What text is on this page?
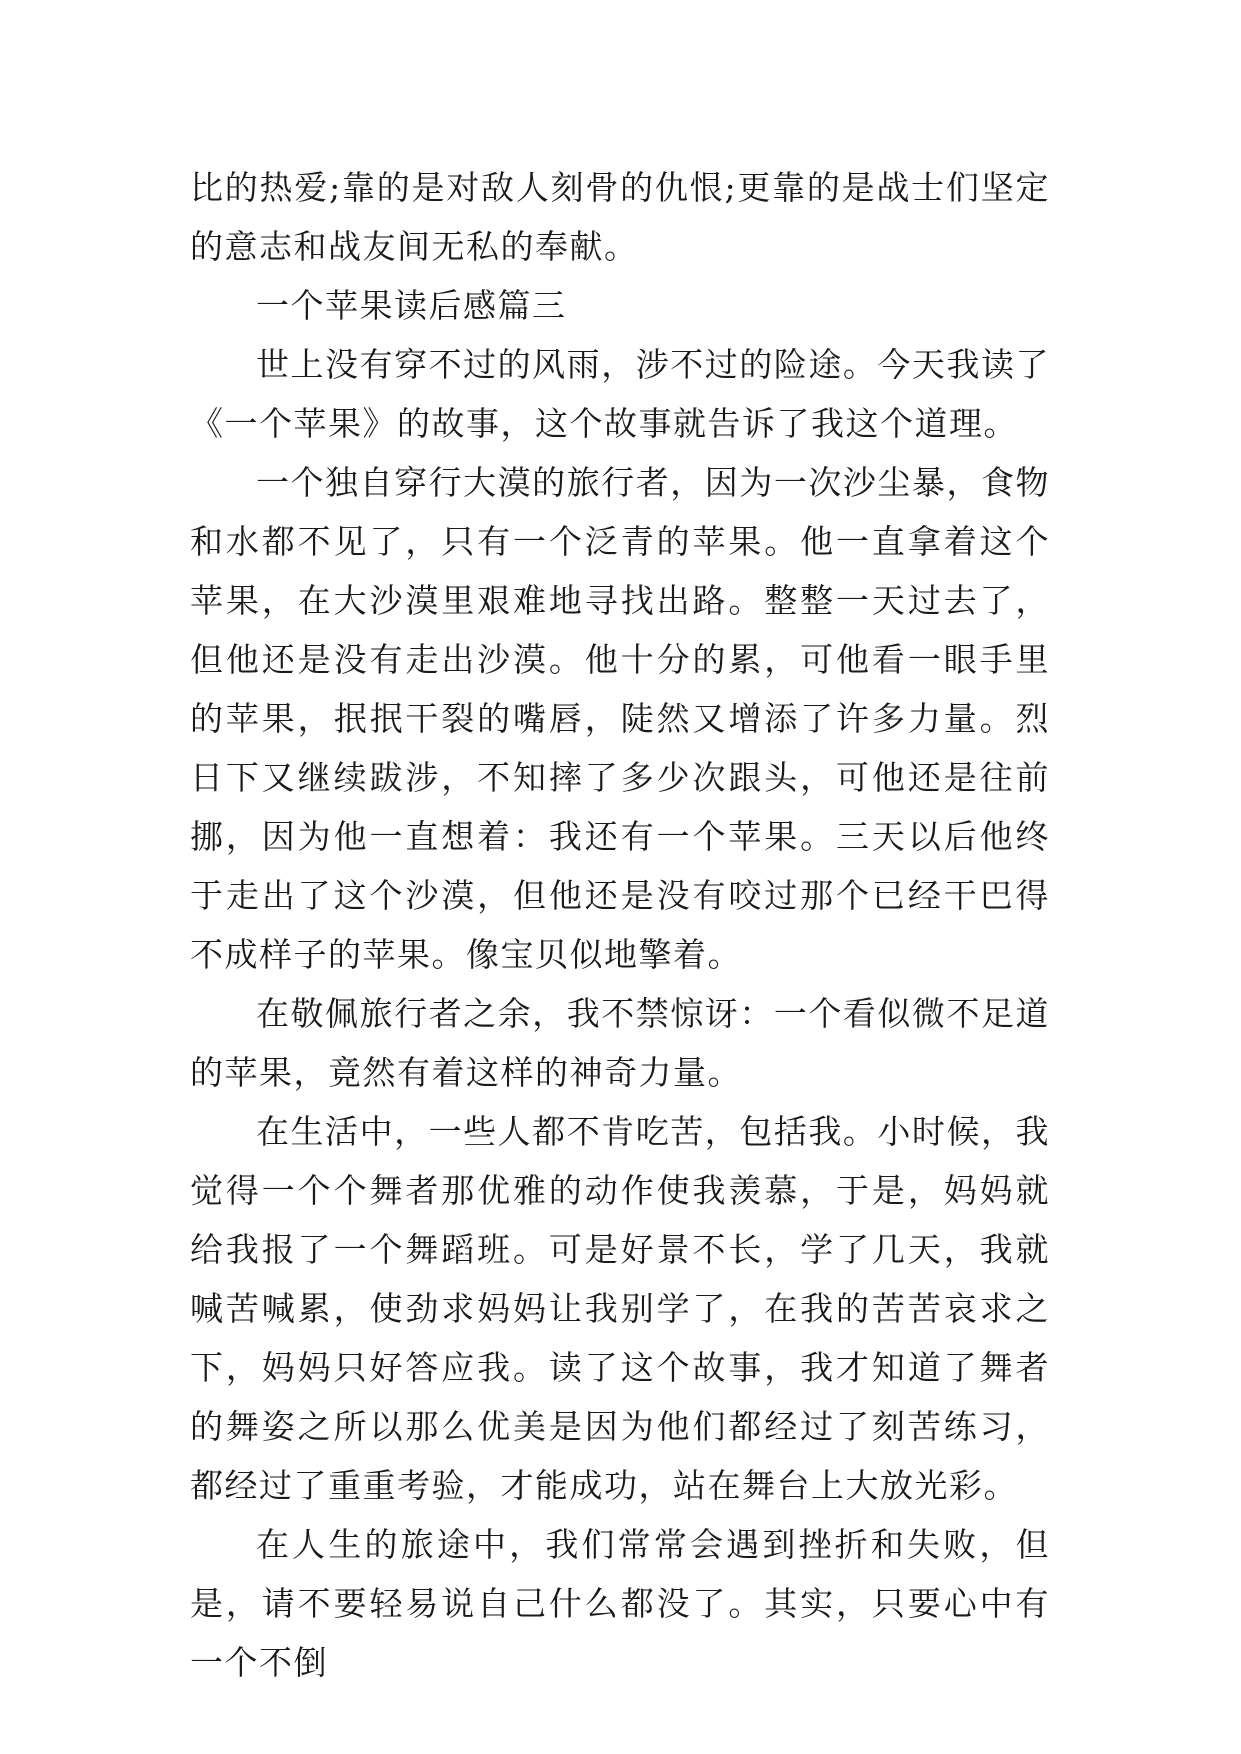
比的热爱;靠的是对敌人刻骨的仇恨;更靠的是战士们坚定的意志和战友间无私的奉献。

一个苹果读后感篇三

世上没有穿不过的风雨，涉不过的险途。今天我读了《一个苹果》的故事，这个故事就告诉了我这个道理。

一个独自穿行大漠的旅行者，因为一次沙尘暴，食物和水都不见了，只有一个泛青的苹果。他一直拿着这个苹果，在大沙漠里艰难地寻找出路。整整一天过去了，但他还是没有走出沙漠。他十分的累，可他看一眼手里的苹果，抿抿干裂的嘴唇，陡然又增添了许多力量。烈日下又继续跋涉，不知摔了多少次跟头，可他还是往前挪，因为他一直想着：我还有一个苹果。三天以后他终于走出了这个沙漠，但他还是没有咬过那个已经干巴得不成样子的苹果。像宝贝似地擎着。

在敬佩旅行者之余，我不禁惊讶：一个看似微不足道的苹果，竟然有着这样的神奇力量。

在生活中，一些人都不肯吃苦，包括我。小时候，我觉得一个个舞者那优雅的动作使我羡慕，于是，妈妈就给我报了一个舞蹈班。可是好景不长，学了几天，我就喊苦喊累，使劲求妈妈让我别学了，在我的苦苦哀求之下，妈妈只好答应我。读了这个故事，我才知道了舞者的舞姿之所以那么优美是因为他们都经过了刻苦练习，都经过了重重考验，才能成功，站在舞台上大放光彩。

在人生的旅途中，我们常常会遇到挫折和失败，但是，请不要轻易说自己什么都没了。其实，只要心中有一个不倒
